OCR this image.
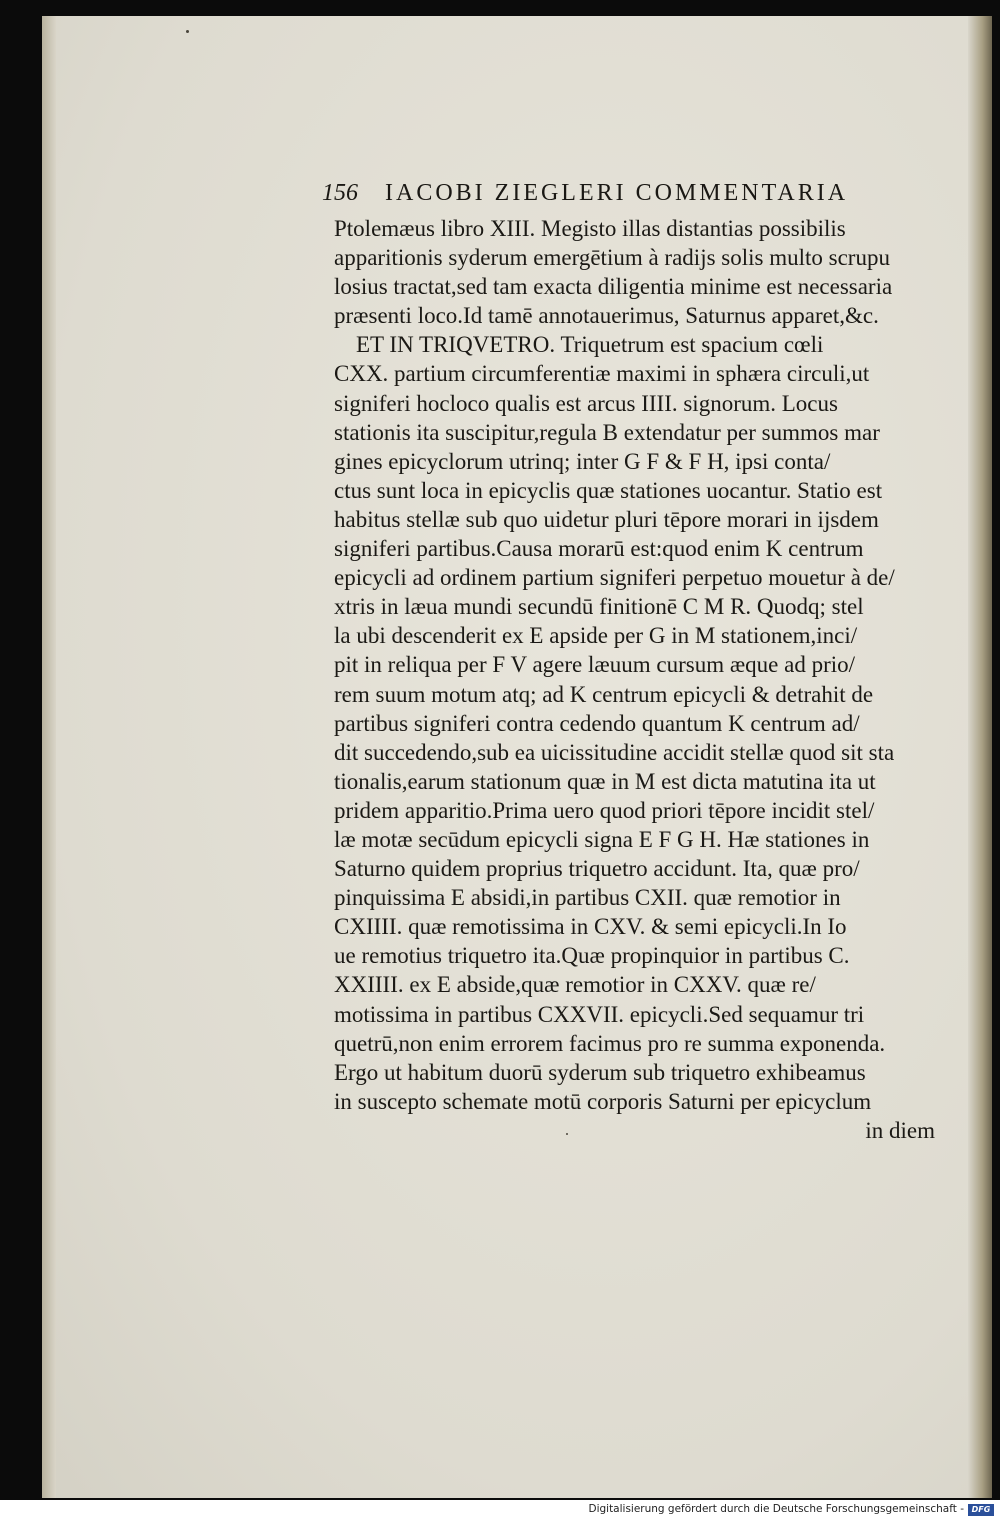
156 IACOBI ZIEGLERI COMMENTARIA
Ptolemæus libro XIII. Megisto illas distantias possibilis
apparitionis syderum emergētium à radijs solis multo scrupu
losius tractat,sed tam exacta diligentia minime est necessaria
præsenti loco.Id tamē annotauerimus, Saturnus apparet,&c.
ET IN TRIQVETRO. Triquetrum est spacium cœli
CXX. partium circumferentiæ maximi in sphæra circuli,ut
signiferi hocloco qualis est arcus IIII. signorum. Locus
stationis ita suscipitur,regula B extendatur per summos mar
gines epicyclorum utrinq; inter G F & F H, ipsi conta/
ctus sunt loca in epicyclis quæ stationes uocantur. Statio est
habitus stellæ sub quo uidetur pluri tēpore morari in ijsdem
signiferi partibus.Causa morarū est:quod enim K centrum
epicycli ad ordinem partium signiferi perpetuo mouetur à de/
xtris in læua mundi secundū finitionē C M R. Quodq; stel
la ubi descenderit ex E apside per G in M stationem,inci/
pit in reliqua per F V agere læuum cursum æque ad prio/
rem suum motum atq; ad K centrum epicycli & detrahit de
partibus signiferi contra cedendo quantum K centrum ad/
dit succedendo,sub ea uicissitudine accidit stellæ quod sit sta
tionalis,earum stationum quæ in M est dicta matutina ita ut
pridem apparitio.Prima uero quod priori tēpore incidit stel/
læ motæ secūdum epicycli signa E F G H. Hæ stationes in
Saturno quidem proprius triquetro accidunt. Ita, quæ pro/
pinquissima E absidi,in partibus CXII. quæ remotior in
CXIIII. quæ remotissima in CXV. & semi epicycli.In Io
ue remotius triquetro ita.Quæ propinquior in partibus C.
XXIIII. ex E abside,quæ remotior in CXXV. quæ re/
motissima in partibus CXXVII. epicycli.Sed sequamur tri
quetrū,non enim errorem facimus pro re summa exponenda.
Ergo ut habitum duorū syderum sub triquetro exhibeamus
in suscepto schemate motū corporis Saturni per epicyclum
in diem
Digitalisierung gefördert durch die Deutsche Forschungsgemeinschaft - DFG
